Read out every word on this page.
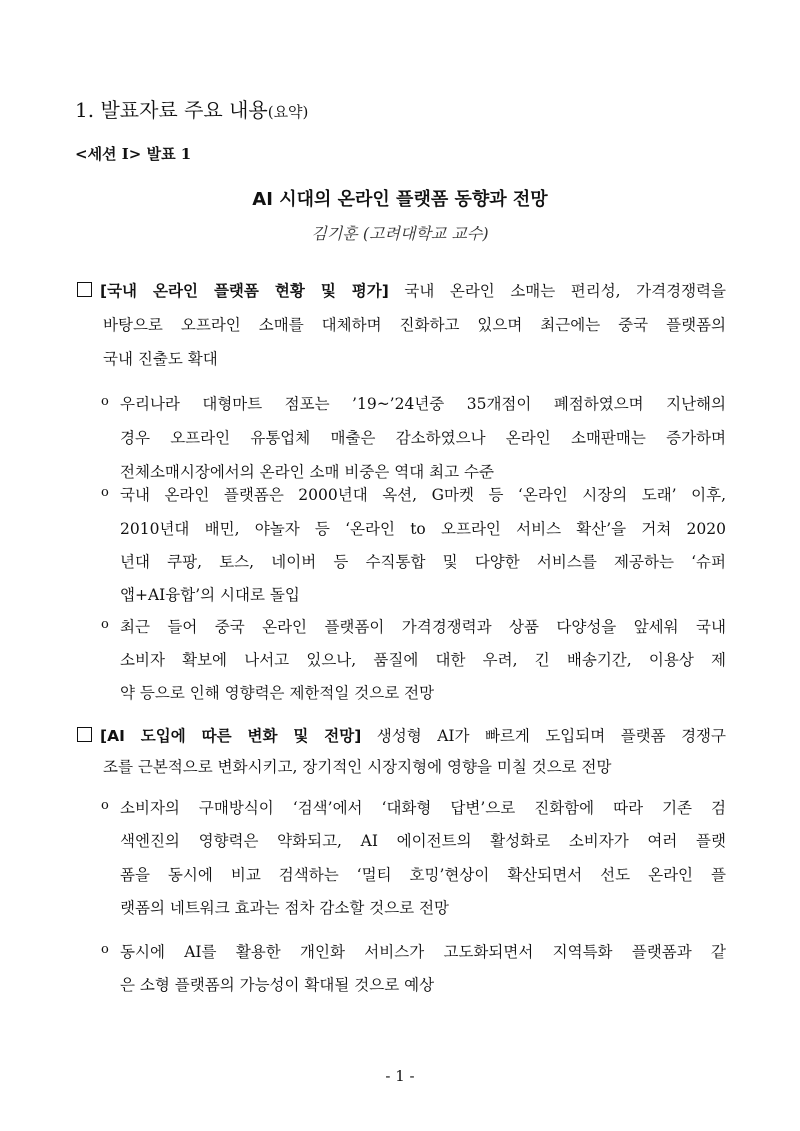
1. 발표자료 주요 내용(요약)
<세션 Ⅰ> 발표 1
AI 시대의 온라인 플랫폼 동향과 전망
김기훈 (고려대학교 교수)
[국내 온라인 플랫폼 현황 및 평가] 국내 온라인 소매는 편리성, 가격경쟁력을
바탕으로 오프라인 소매를 대체하며 진화하고 있으며 최근에는 중국 플랫폼의
국내 진출도 확대
o 우리나라 대형마트 점포는 ’19~’24년중 35개점이 폐점하였으며 지난해의
경우 오프라인 유통업체 매출은 감소하였으나 온라인 소매판매는 증가하며
전체소매시장에서의 온라인 소매 비중은 역대 최고 수준
o 국내 온라인 플랫폼은 2000년대 옥션, G마켓 등 ‘온라인 시장의 도래’ 이후,
2010년대 배민, 야놀자 등 ‘온라인 to 오프라인 서비스 확산’을 거쳐 2020
년대 쿠팡, 토스, 네이버 등 수직통합 및 다양한 서비스를 제공하는 ‘슈퍼
앱+AI융합’의 시대로 돌입
o 최근 들어 중국 온라인 플랫폼이 가격경쟁력과 상품 다양성을 앞세워 국내
소비자 확보에 나서고 있으나, 품질에 대한 우려, 긴 배송기간, 이용상 제
약 등으로 인해 영향력은 제한적일 것으로 전망
[AI 도입에 따른 변화 및 전망] 생성형 AI가 빠르게 도입되며 플랫폼 경쟁구
조를 근본적으로 변화시키고, 장기적인 시장지형에 영향을 미칠 것으로 전망
o 소비자의 구매방식이 ‘검색’에서 ‘대화형 답변’으로 진화함에 따라 기존 검
색엔진의 영향력은 약화되고, AI 에이전트의 활성화로 소비자가 여러 플랫
폼을 동시에 비교 검색하는 ‘멀티 호밍’현상이 확산되면서 선도 온라인 플
랫폼의 네트워크 효과는 점차 감소할 것으로 전망
o 동시에 AI를 활용한 개인화 서비스가 고도화되면서 지역특화 플랫폼과 같
은 소형 플랫폼의 가능성이 확대될 것으로 예상
- 1 -
